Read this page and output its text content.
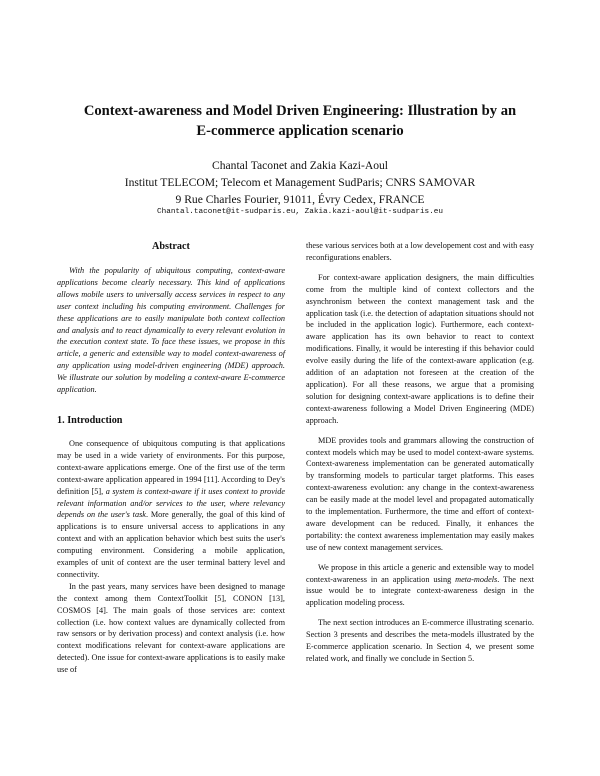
Context-awareness and Model Driven Engineering: Illustration by an
E-commerce application scenario
Chantal Taconet and Zakia Kazi-Aoul
Institut TELECOM; Telecom et Management SudParis; CNRS SAMOVAR
9 Rue Charles Fourier, 91011, Évry Cedex, FRANCE
Chantal.taconet@it-sudparis.eu, Zakia.kazi-aoul@it-sudparis.eu

Abstract

With the popularity of ubiquitous computing, context-aware applications become clearly necessary. This kind of applications allows mobile users to universally access services in respect to any user context including his computing environment. Challenges for these applications are to easily manipulate both context collection and analysis and to react dynamically to every relevant evolution in the execution context state. To face these issues, we propose in this article, a generic and extensible way to model context-awareness of any application using model-driven engineering (MDE) approach. We illustrate our solution by modeling a context-aware E-commerce application.

1. Introduction

One consequence of ubiquitous computing is that applications may be used in a wide variety of environments. For this purpose, context-aware applications emerge. One of the first use of the term context-aware application appeared in 1994 [11]. According to Dey's definition [5], a system is context-aware if it uses context to provide relevant information and/or services to the user, where relevancy depends on the user's task. More generally, the goal of this kind of applications is to ensure universal access to applications in any context and with an application behavior which best suits the user's computing environment. Considering a mobile application, examples of unit of context are the user terminal battery level and connectivity.

In the past years, many services have been designed to manage the context among them ContextToolkit [5], CONON [13], COSMOS [4]. The main goals of those services are: context collection (i.e. how context values are dynamically collected from raw sensors or by derivation process) and context analysis (i.e. how context modifications relevant for context-aware applications are detected). One issue for context-aware applications is to easily make use of

these various services both at a low developement cost and with easy reconfigurations enablers.

For context-aware application designers, the main difficulties come from the multiple kind of context collectors and the asynchronism between the context management task and the application task (i.e. the detection of adaptation situations should not be included in the application logic). Furthermore, each context-aware application has its own behavior to react to context modifications. Finally, it would be interesting if this behavior could evolve easily during the life of the context-aware application (e.g. addition of an adaptation not foreseen at the creation of the application). For all these reasons, we argue that a promising solution for designing context-aware applications is to define their context-awareness following a Model Driven Engineering (MDE) approach.

MDE provides tools and grammars allowing the construction of context models which may be used to model context-aware systems. Context-awareness implementation can be generated automatically by transforming models to particular target platforms. This eases context-awareness evolution: any change in the context-awareness can be easily made at the model level and propagated automatically to the implementation. Furthermore, the time and effort of context-aware development can be reduced. Finally, it enhances the portability: the context awareness implementation may easily makes use of new context management services.

We propose in this article a generic and extensible way to model context-awareness in an application using meta-models. The next issue would be to integrate context-awareness design in the application modeling process.

The next section introduces an E-commerce illustrating scenario. Section 3 presents and describes the meta-models illustrated by the E-commerce application scenario. In Section 4, we present some related work, and finally we conclude in Section 5.
